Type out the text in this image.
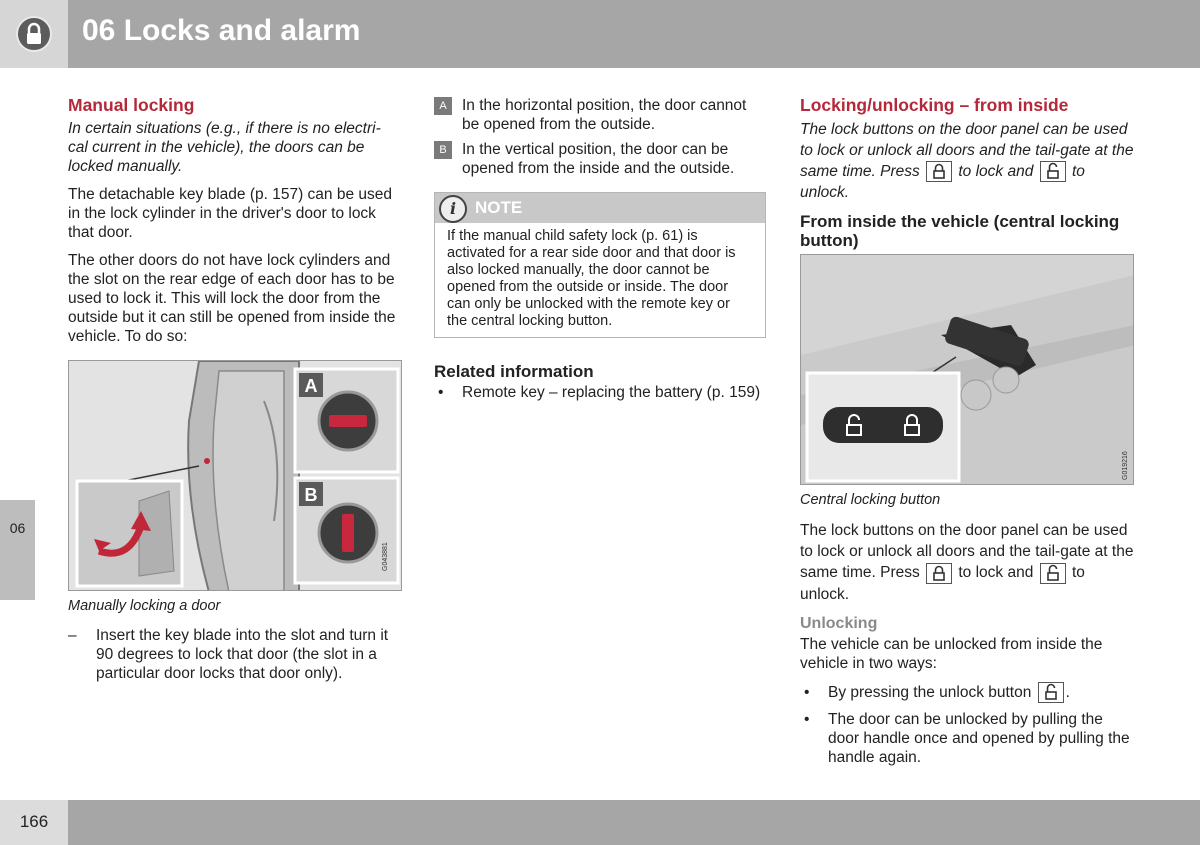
06 Locks and alarm
06
Manual locking

In certain situations (e.g., if there is no electri-cal current in the vehicle), the doors can be locked manually.

The detachable key blade (p. 157) can be used in the lock cylinder in the driver's door to lock that door.

The other doors do not have lock cylinders and the slot on the rear edge of each door has to be used to lock it. This will lock the door from the outside but it can still be opened from inside the vehicle. To do so:

A
B
G043881
Manually locking a door
– Insert the key blade into the slot and turn it 90 degrees to lock that door (the slot in a particular door locks that door only).
A In the horizontal position, the door cannot be opened from the outside.
B In the vertical position, the door can be opened from the inside and the outside.
i	NOTE
If the manual child safety lock (p. 61) is activated for a rear side door and that door is also locked manually, the door cannot be opened from the outside or inside. The door can only be unlocked with the remote key or the central locking button.
Related information
• Remote key – replacing the battery (p. 159)
Locking/unlocking – from inside

The lock buttons on the door panel can be used to lock or unlock all doors and the tail-gate at the same time. Press to lock and to unlock.

From inside the vehicle (central locking button)
G019216
Central locking button

The lock buttons on the door panel can be used to lock or unlock all doors and the tail-gate at the same time. Press to lock and to unlock.

Unlocking

The vehicle can be unlocked from inside the vehicle in two ways:

• By pressing the unlock button .
• The door can be unlocked by pulling the door handle once and opened by pulling the handle again.
166
